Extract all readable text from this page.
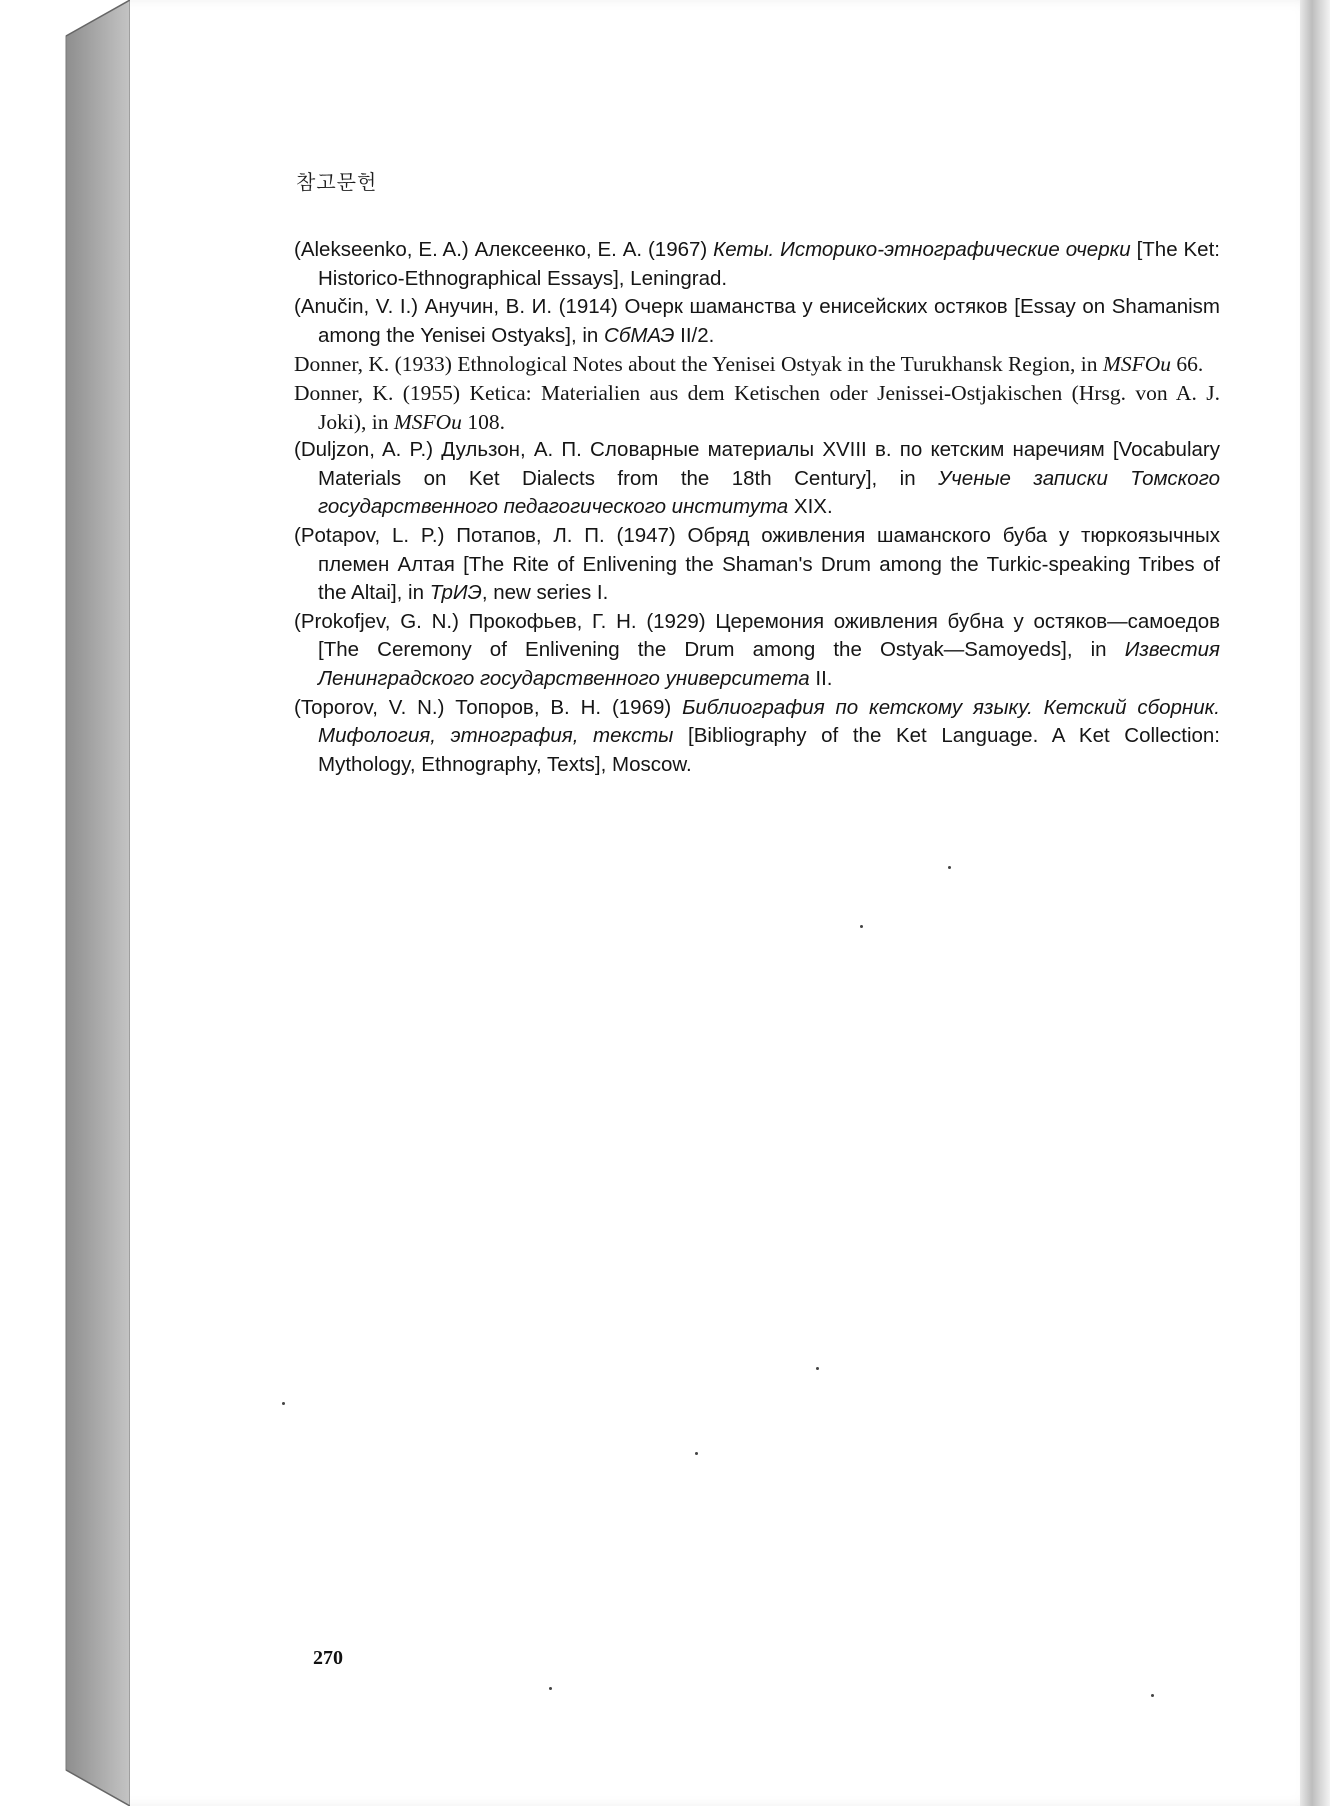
참고문헌
(Alekseenko, E. A.) Алексеенко, Е. А. (1967) Кеты. Историко-этнографические очерки [The Ket: Historico-Ethnographical Essays], Leningrad.
(Anučin, V. I.) Анучин, В. И. (1914) Очерк шаманства у енисейских остяков [Essay on Shamanism among the Yenisei Ostyaks], in СбМАЭ II/2.
Donner, K. (1933) Ethnological Notes about the Yenisei Ostyak in the Turukhansk Region, in MSFOu 66.
Donner, K. (1955) Ketica: Materialien aus dem Ketischen oder Jenissei-Ostjakischen (Hrsg. von A. J. Joki), in MSFOu 108.
(Duljzon, A. P.) Дульзон, А. П. Словарные материалы XVIII в. по кетским наречиям [Vocabulary Materials on Ket Dialects from the 18th Century], in Ученые записки Томского государственного педагогического института XIX.
(Potapov, L. P.) Потапов, Л. П. (1947) Обряд оживления шаманского буба у тюркоязычных племен Алтая [The Rite of Enlivening the Shaman's Drum among the Turkic-speaking Tribes of the Altai], in ТрИЭ, new series I.
(Prokofjev, G. N.) Прокофьев, Г. Н. (1929) Церемония оживления бубна у остяков—самоедов [The Ceremony of Enlivening the Drum among the Ostyak—Samoyeds], in Известия Ленинградского государственного университета II.
(Toporov, V. N.) Топоров, В. Н. (1969) Библиография по кетскому языку. Кетский сборник. Мифология, этнография, тексты [Bibliography of the Ket Language. A Ket Collection: Mythology, Ethnography, Texts], Moscow.
270
